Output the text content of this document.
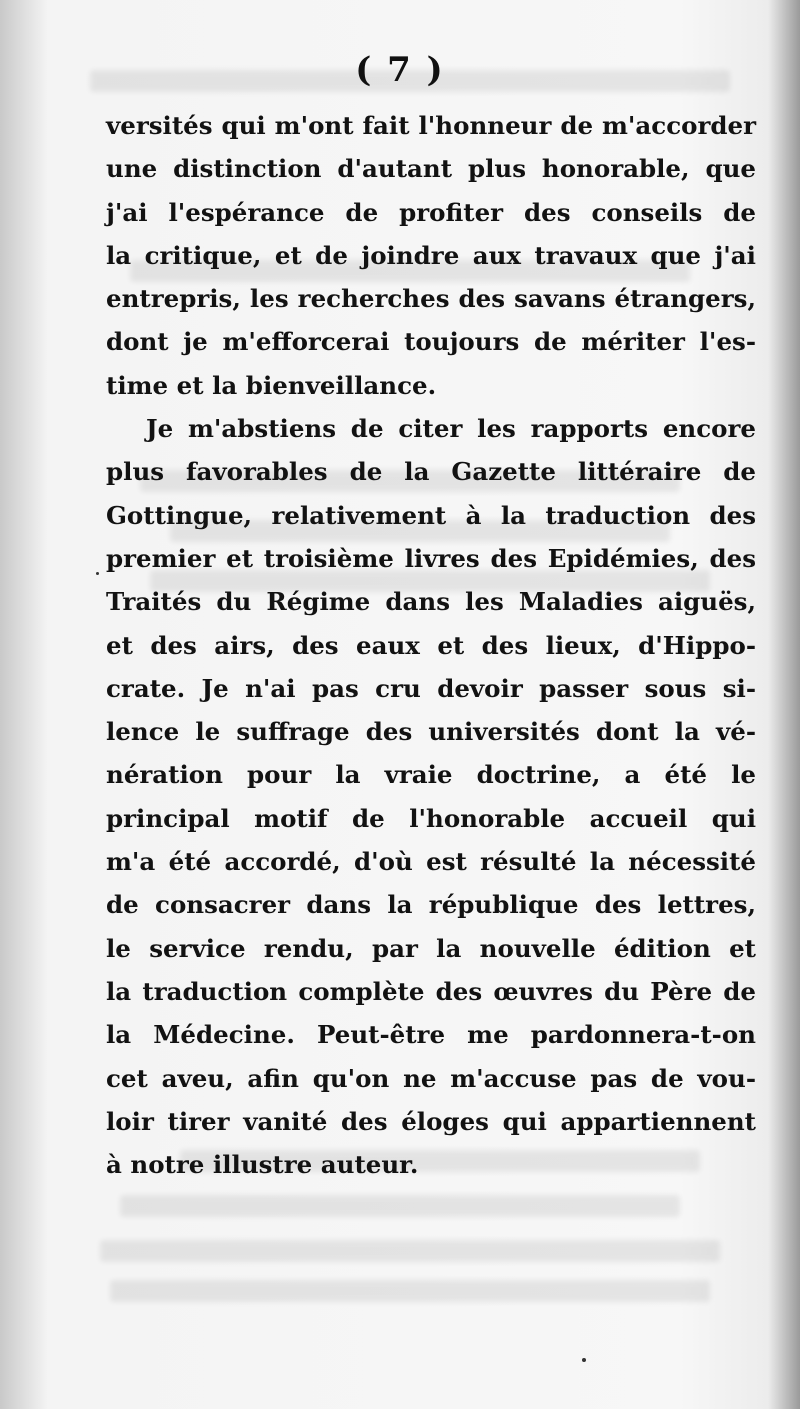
( 7 )
versités qui m'ont fait l'honneur de m'accorder
une distinction d'autant plus honorable, que
j'ai l'espérance de profiter des conseils de
la critique, et de joindre aux travaux que j'ai
entrepris, les recherches des savans étrangers,
dont je m'efforcerai toujours de mériter l'es-
time et la bienveillance.
Je m'abstiens de citer les rapports encore
plus favorables de la Gazette littéraire de
Gottingue, relativement à la traduction des
premier et troisième livres des Epidémies, des
Traités du Régime dans les Maladies aiguës,
et des airs, des eaux et des lieux, d'Hippo-
crate. Je n'ai pas cru devoir passer sous si-
lence le suffrage des universités dont la vé-
nération pour la vraie doctrine, a été le
principal motif de l'honorable accueil qui
m'a été accordé, d'où est résulté la nécessité
de consacrer dans la république des lettres,
le service rendu, par la nouvelle édition et
la traduction complète des œuvres du Père de
la Médecine. Peut-être me pardonnera-t-on
cet aveu, afin qu'on ne m'accuse pas de vou-
loir tirer vanité des éloges qui appartiennent
à notre illustre auteur.
